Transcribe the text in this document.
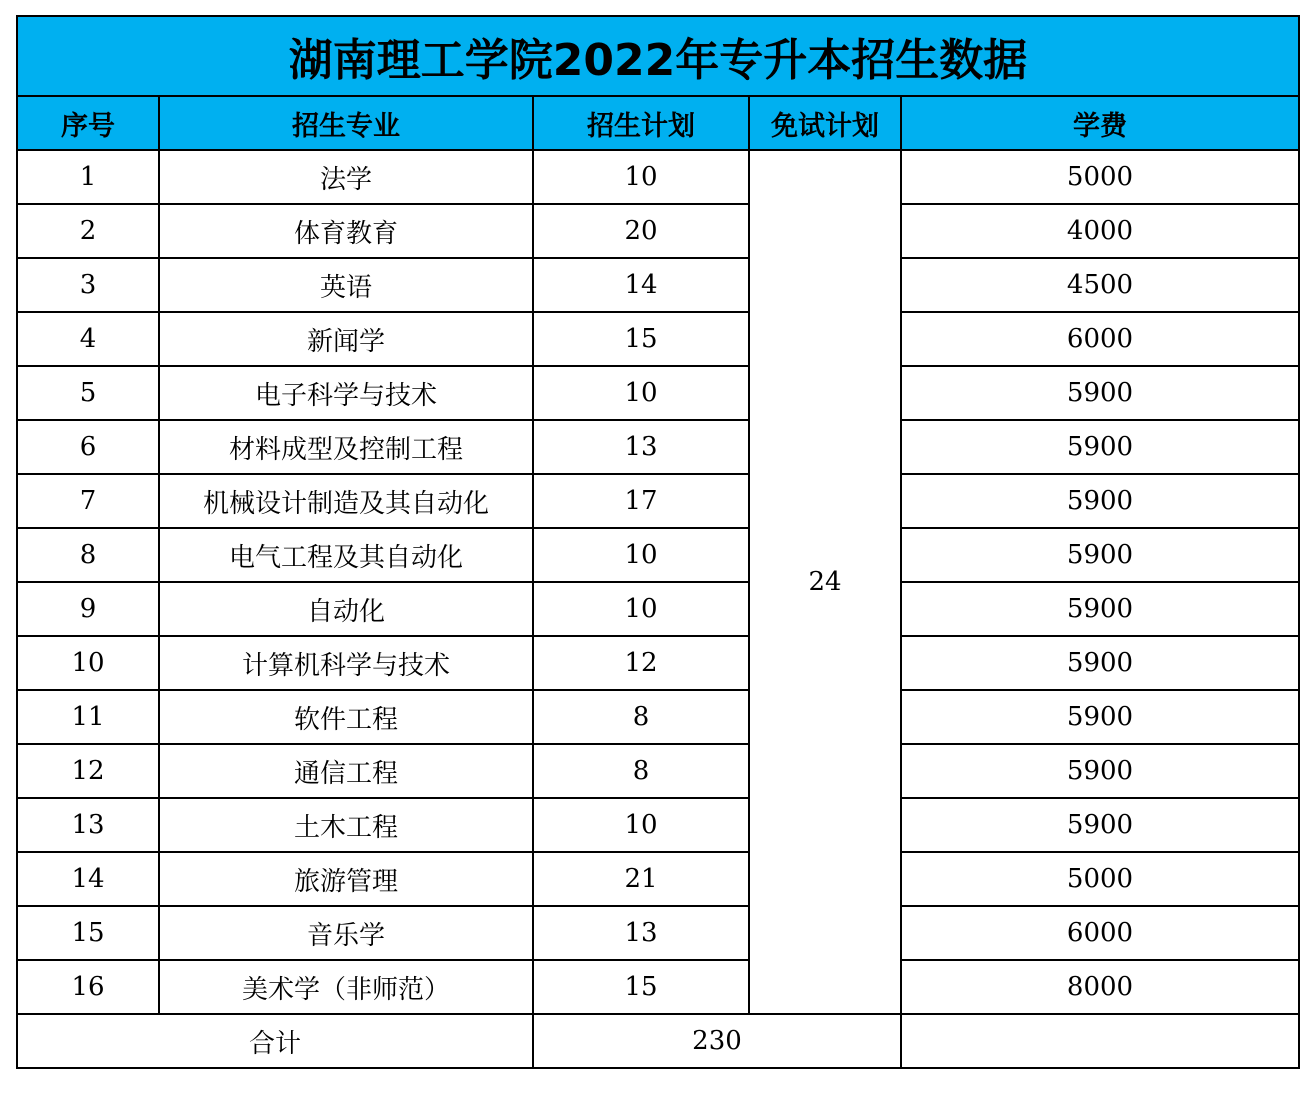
湖南理工学院2022年专升本招生数据				
序号	招生专业	招生计划	免试计划	学费
1	法学	10	24	5000
2	体育教育	20		4000
3	英语	14		4500
4	新闻学	15		6000
5	电子科学与技术	10		5900
6	材料成型及控制工程	13		5900
7	机械设计制造及其自动化	17		5900
8	电气工程及其自动化	10		5900
9	自动化	10		5900
10	计算机科学与技术	12		5900
11	软件工程	8		5900
12	通信工程	8		5900
13	土木工程	10		5900
14	旅游管理	21		5000
15	音乐学	13		6000
16	美术学（非师范）	15		8000
合计		230		
